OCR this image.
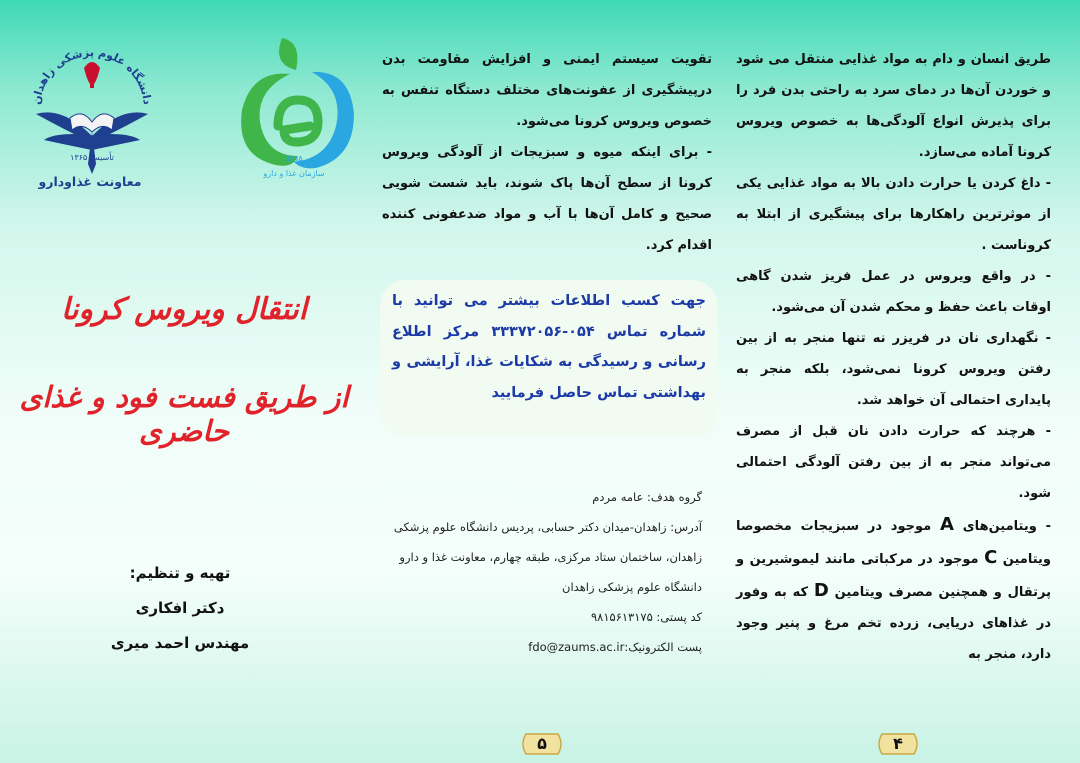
طریق انسان و دام به مواد غذایی منتقل می شود و خوردن آن‌ها در دمای سرد به راحتی بدن فرد را برای پذیرش انواع آلودگی‌ها به خصوص ویروس کرونا آماده می‌سازد.

- داغ کردن یا حرارت دادن بالا به مواد غذایی یکی از موثرترین راهکارها برای پیشگیری از ابتلا به کروناست .

- در واقع ویروس در عمل فریز شدن گاهی اوقات باعث حفظ و محکم شدن آن می‌شود.

- نگهداری نان در فریزر نه تنها منجر به از بین رفتن ویروس کرونا نمی‌شود، بلکه منجر به پایداری احتمالی آن خواهد شد.

- هرچند که حرارت دادن نان قبل از مصرف می‌تواند منجر به از بین رفتن آلودگی احتمالی شود.

- ویتامین‌های A موجود در سبزیجات مخصوصا ویتامین C موجود در مرکباتی مانند لیموشیرین و پرتقال و همچنین مصرف ویتامین D که به وفور در غذاهای دریایی، زرده تخم مرغ و پنیر وجود دارد، منجر به

تقویت سیستم ایمنی و افزایش مقاومت بدن درپیشگیری از عفونت‌های مختلف دستگاه تنفس به خصوص ویروس کرونا می‌شود.

- برای اینکه میوه و سبزیجات از آلودگی ویروس کرونا از سطح آن‌ها پاک شوند، باید شست شویی صحیح و کامل آن‌ها با آب و مواد ضدعفونی کننده اقدام کرد.

جهت کسب اطلاعات بیشتر می توانید با شماره تماس ۰۵۴-۳۳۳۷۲۰۵۶ مرکز اطلاع رسانی و رسیدگی به شکایات غذا، آرایشی و بهداشتی تماس حاصل فرمایید

گروه هدف: عامه مردم

آدرس: زاهدان-میدان دکتر حسابی، پردیس دانشگاه علوم پزشکی زاهدان، ساختمان ستاد مرکزی، طبقه چهارم، معاونت غذا و دارو دانشگاه علوم پزشکی زاهدان

کد پستی: ۹۸۱۵۶۱۳۱۷۵

پست الکترونیک:fdo@zaums.ac.ir

دانشگاه علوم پزشکی زاهدان
تأسیس ۱۳۶۵
معاونت غذاودارو
IFDA
سازمان غذا و دارو
انتقال ویروس کرونا
از طریق فست فود و غذای حاضری

تهیه و تنظیم:

دکتر افکاری

مهندس احمد میری

۵	۴
